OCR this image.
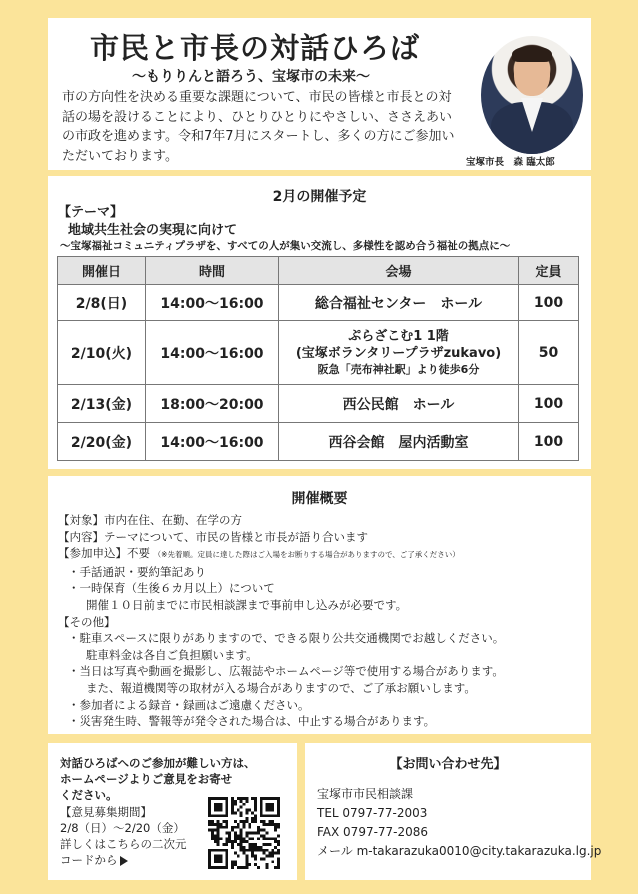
市民と市長の対話ひろば
〜もりりんと語ろう、宝塚市の未来〜
市の方向性を決める重要な課題について、市民の皆様と市長との対話の場を設けることにより、ひとりひとりにやさしい、ささえあいの市政を進めます。令和7年7月にスタートし、多くの方にご参加いただいております。	宝塚市長　森 臨太郎
2月の開催予定
【テーマ】
地域共生社会の実現に向けて
〜宝塚福祉コミュニティプラザを、すべての人が集い交流し、多様性を認め合う福祉の拠点に〜
開催日	時間	会場	定員
2/8(日)	14:00〜16:00	総合福祉センター　ホール	100
2/10(火)	14:00〜16:00	ぷらざこむ1 1階
(宝塚ボランタリープラザzukavo)
阪急「売布神社駅」より徒歩6分	50
2/13(金)	18:00〜20:00	西公民館　ホール	100
2/20(金)	14:00〜16:00	西谷会館　屋内活動室	100
開催概要
【対象】市内在住、在勤、在学の方
【内容】テーマについて、市民の皆様と市長が語り合います
【参加申込】不要 （※先着順。定員に達した際はご入場をお断りする場合がありますので、ご了承ください）
・手話通訳・要約筆記あり
・一時保育（生後６カ月以上）について
開催１０日前までに市民相談課まで事前申し込みが必要です。
【その他】
・駐車スペースに限りがありますので、できる限り公共交通機関でお越しください。
駐車料金は各自ご負担願います。
・当日は写真や動画を撮影し、広報誌やホームページ等で使用する場合があります。
また、報道機関等の取材が入る場合がありますので、ご了承お願いします。
・参加者による録音・録画はご遠慮ください。
・災害発生時、警報等が発令された場合は、中止する場合があります。
対話ひろばへのご参加が難しい方は、
ホームページよりご意見をお寄せ
ください。
【意見募集期間】
2/8（日）〜2/20（金）
詳しくはこちらの二次元
コードから
【お問い合わせ先】
宝塚市市民相談課
TEL 0797-77-2003
FAX 0797-77-2086
メール m-takarazuka0010@city.takarazuka.lg.jp
